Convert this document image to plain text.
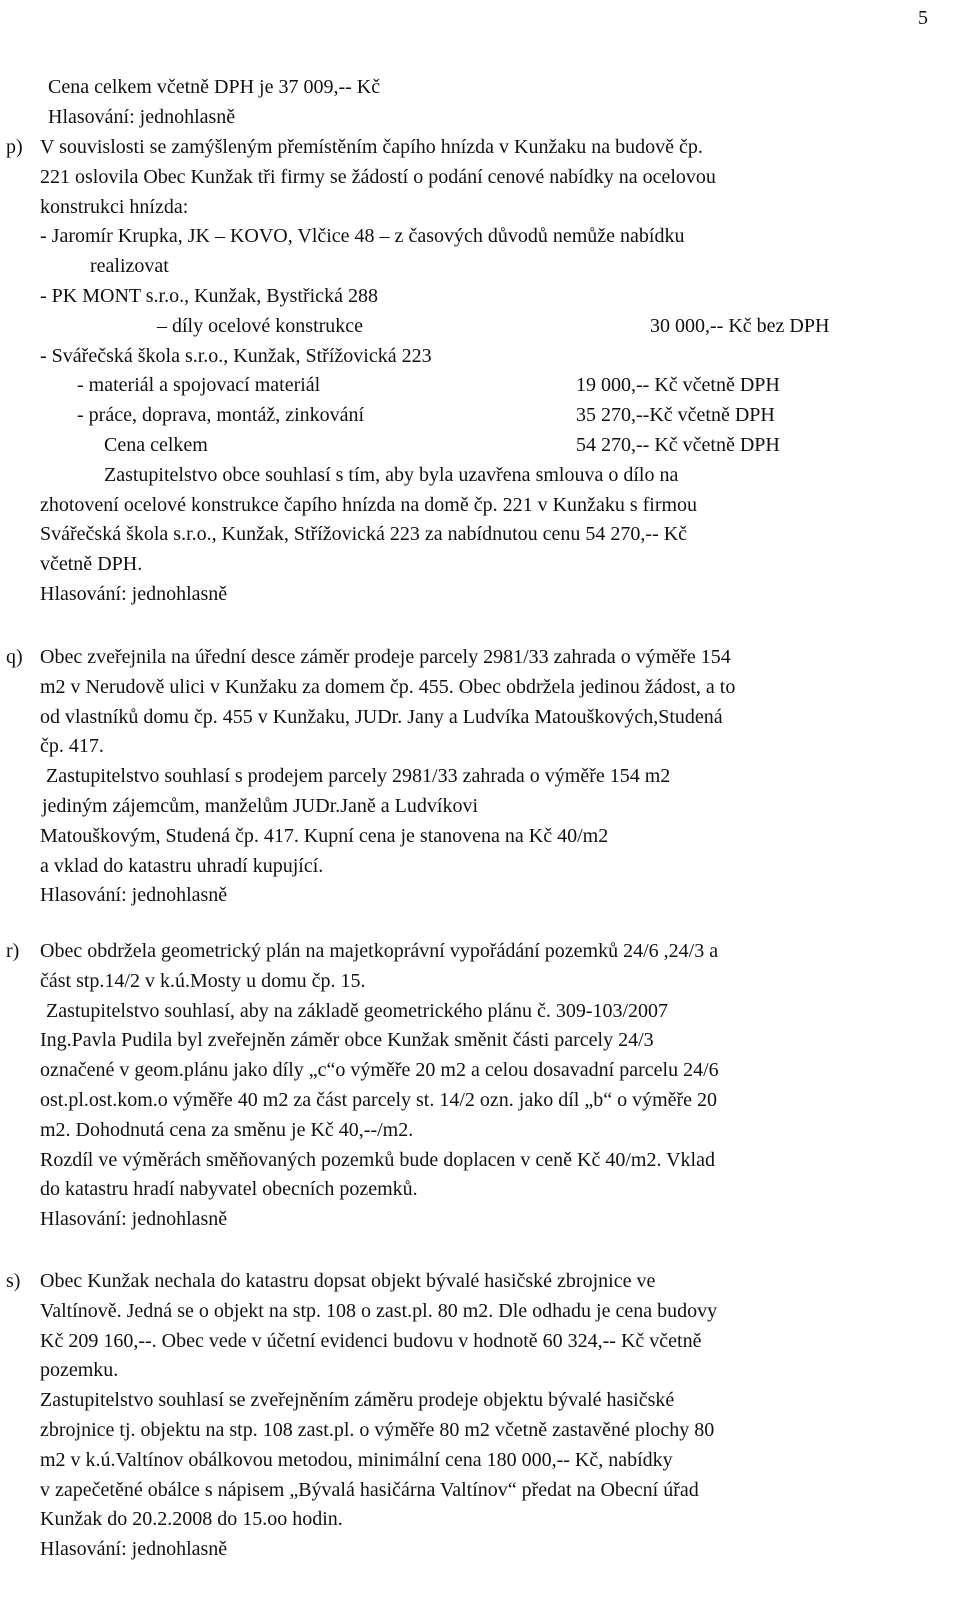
5
Cena celkem včetně DPH je 37 009,-- Kč
Hlasování: jednohlasně
p) V souvislosti se zamýšleným přemístěním čapího hnízda v Kunžaku na budově čp.
221 oslovila Obec Kunžak tři firmy se žádostí o podání cenové nabídky na ocelovou
konstrukci hnízda:
- Jaromír Krupka, JK – KOVO, Vlčice 48 – z časových důvodů nemůže nabídku
realizovat
- PK MONT s.r.o., Kunžak, Bystřická 288
– díly ocelové konstrukce	30 000,-- Kč bez DPH
- Svářečská škola s.r.o., Kunžak, Střížovická 223
- materiál a spojovací materiál	19 000,-- Kč včetně DPH
- práce, doprava, montáž, zinkování	35 270,--Kč včetně DPH
Cena celkem	54 270,-- Kč včetně DPH
Zastupitelstvo obce souhlasí s tím, aby byla uzavřena smlouva o dílo na
zhotovení ocelové konstrukce čapího hnízda na domě čp. 221 v Kunžaku s firmou
Svářečská škola s.r.o., Kunžak, Střížovická 223 za nabídnutou cenu 54 270,-- Kč
včetně DPH.
Hlasování: jednohlasně
q) Obec zveřejnila na úřední desce záměr prodeje parcely 2981/33 zahrada o výměře 154
m2 v Nerudově ulici v Kunžaku za domem čp. 455. Obec obdržela jedinou žádost, a to
od vlastníků domu čp. 455 v Kunžaku, JUDr. Jany a Ludvíka Matouškových,Studená
čp. 417.
Zastupitelstvo souhlasí s prodejem parcely 2981/33 zahrada o výměře 154 m2
jediným zájemcům, manželům JUDr.Janě a Ludvíkovi
Matouškovým, Studená čp. 417. Kupní cena je stanovena na Kč 40/m2
a vklad do katastru uhradí kupující.
Hlasování: jednohlasně
r) Obec obdržela geometrický plán na majetkoprávní vypořádání pozemků 24/6 ,24/3 a
část stp.14/2 v k.ú.Mosty u domu čp. 15.
Zastupitelstvo souhlasí, aby na základě geometrického plánu č. 309-103/2007
Ing.Pavla Pudila byl zveřejněn záměr obce Kunžak směnit části parcely 24/3
označené v geom.plánu jako díly „c“o výměře 20 m2 a celou dosavadní parcelu 24/6
ost.pl.ost.kom.o výměře 40 m2 za část parcely st. 14/2 ozn. jako díl „b“ o výměře 20
m2. Dohodnutá cena za směnu je Kč 40,--/m2.
Rozdíl ve výměrách směňovaných pozemků bude doplacen v ceně Kč 40/m2. Vklad
do katastru hradí nabyvatel obecních pozemků.
Hlasování: jednohlasně
s) Obec Kunžak nechala do katastru dopsat objekt bývalé hasičské zbrojnice ve
Valtínově. Jedná se o objekt na stp. 108 o zast.pl. 80 m2. Dle odhadu je cena budovy
Kč 209 160,--. Obec vede v účetní evidenci budovu v hodnotě 60 324,-- Kč včetně
pozemku.
Zastupitelstvo souhlasí se zveřejněním záměru prodeje objektu bývalé hasičské
zbrojnice tj. objektu na stp. 108 zast.pl. o výměře 80 m2 včetně zastavěné plochy 80
m2 v k.ú.Valtínov obálkovou metodou, minimální cena 180 000,-- Kč, nabídky
v zapečetěné obálce s nápisem „Bývalá hasičárna Valtínov“ předat na Obecní úřad
Kunžak do 20.2.2008 do 15.oo hodin.
Hlasování: jednohlasně
